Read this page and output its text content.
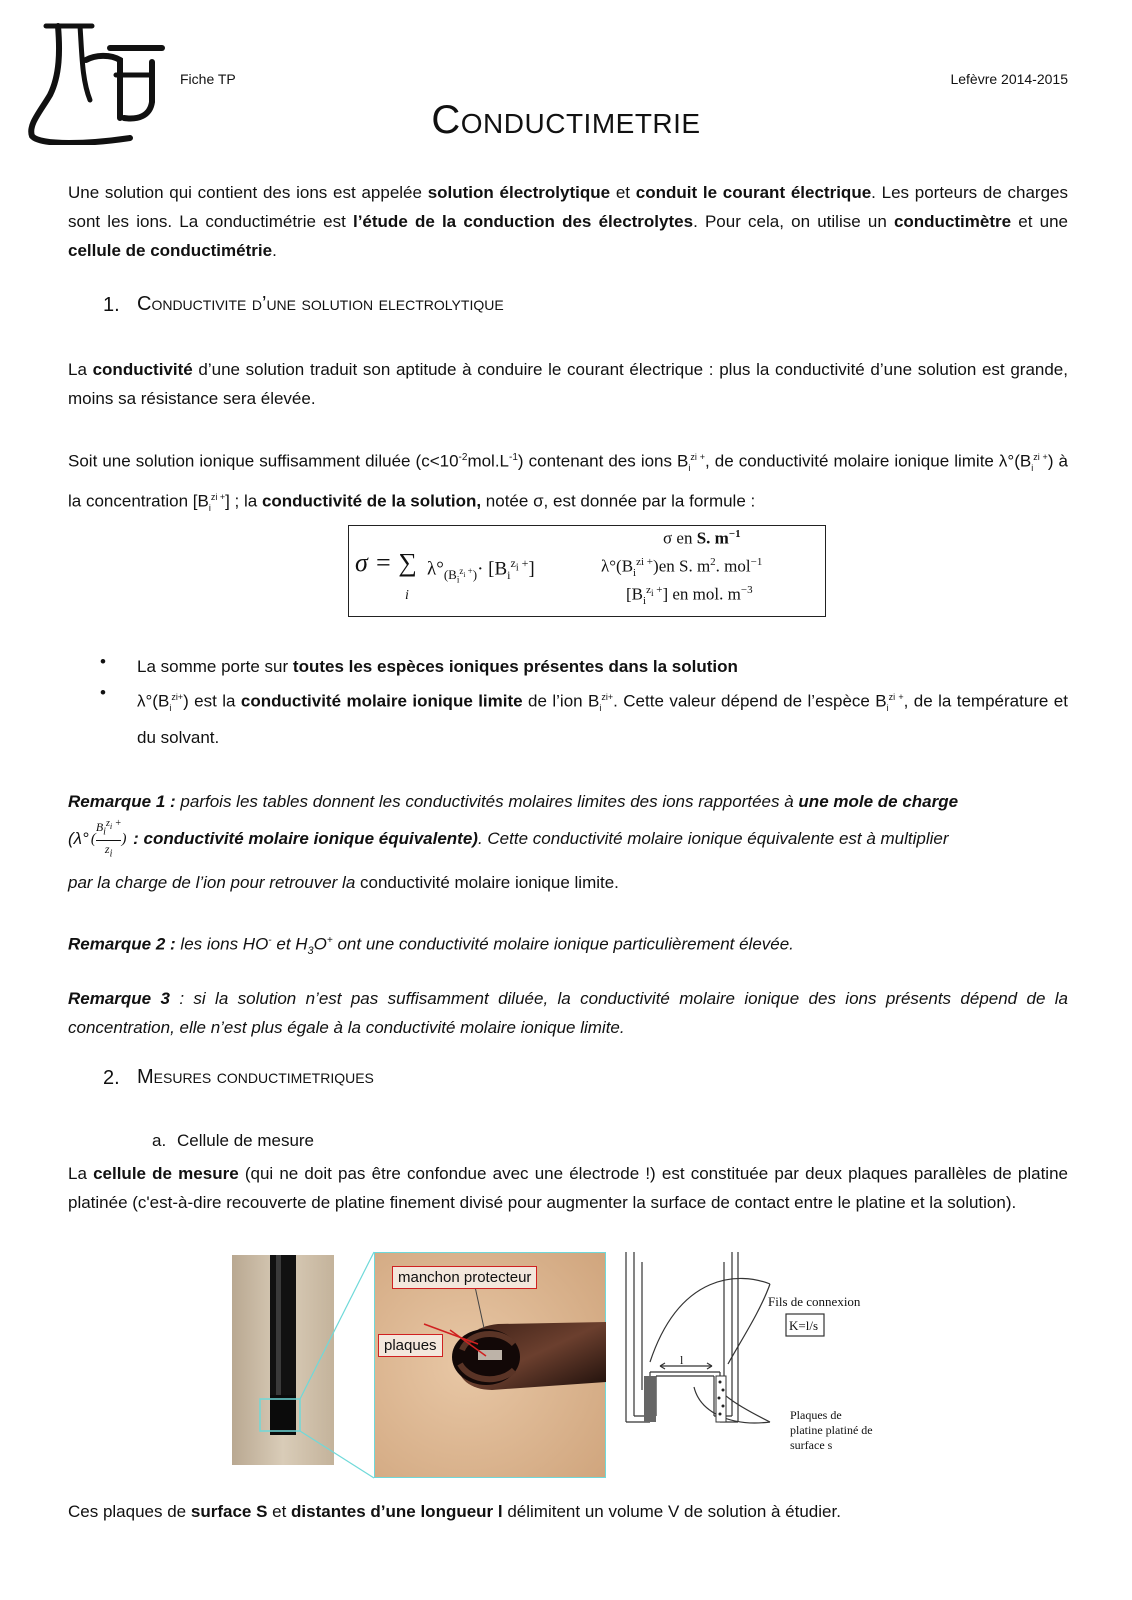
Fiche TP	Lefèvre 2014-2015
Conductimetrie

Une solution qui contient des ions est appelée solution électrolytique et conduit le courant électrique. Les porteurs de charges sont les ions. La conductimétrie est l’étude de la conduction des électrolytes. Pour cela, on utilise un conductimètre et une cellule de conductimétrie.

1. Conductivite d’une solution electrolytique

La conductivité d’une solution traduit son aptitude à conduire le courant électrique : plus la conductivité d’une solution est grande, moins sa résistance sera élevée.

Soit une solution ionique suffisamment diluée $(c<10^{-2}mol.L^{-1})$ contenant des ions $B_i^{zi +}$, de conductivité molaire ionique limite $\lambda^\circ(B_i^{zi +})$ à la concentration $[B_i^{zi +}]$ ; la conductivité de la solution, notée σ, est donnée par la formule :

σ = ∑
i
$\lambda^\circ_{(B_i^{z_i +})}\cdot [B_i^{z_i +}]$
σ en S. $m^{-1}$
$\lambda^\circ(B_i^{zi +})en$ S. $m^2$. mol$^{-1}$
$[B_i^{z_i +}]$ en mol. $m^{-3}$
• La somme porte sur toutes les espèces ioniques présentes dans la solution
• $\lambda^\circ(B_i^{zi+})$ est la conductivité molaire ionique limite de l’ion $B_i^{zi+}$. Cette valeur dépend de l’espèce $B_i^{zi +}$, de la température et du solvant.

Remarque 1 : parfois les tables donnent les conductivités molaires limites des ions rapportées à une mole de charge

(λ° (
$B_i^{z_i +}$
$z_i$
) : conductivité molaire ionique équivalente). Cette conductivité molaire ionique équivalente est à multiplier

par la charge de l’ion pour retrouver la conductivité molaire ionique limite.

Remarque 2 : les ions HO- et $H_3O^+$ ont une conductivité molaire ionique particulièrement élevée.

Remarque 3 : si la solution n’est pas suffisamment diluée, la conductivité molaire ionique des ions présents dépend de la concentration, elle n’est plus égale à la conductivité molaire ionique limite.

2. Mesures conductimetriques
a. Cellule de mesure

La cellule de mesure (qui ne doit pas être confondue avec une électrode !) est constituée par deux plaques parallèles de platine platinée (c'est-à-dire recouverte de platine finement divisé pour augmenter la surface de contact entre le platine et la solution).

manchon protecteur
plaques
Fils de connexion
l
K=l/s
Plaques de
platine platiné de
surface s

Ces plaques de surface S et distantes d’une longueur l délimitent un volume V de solution à étudier.
